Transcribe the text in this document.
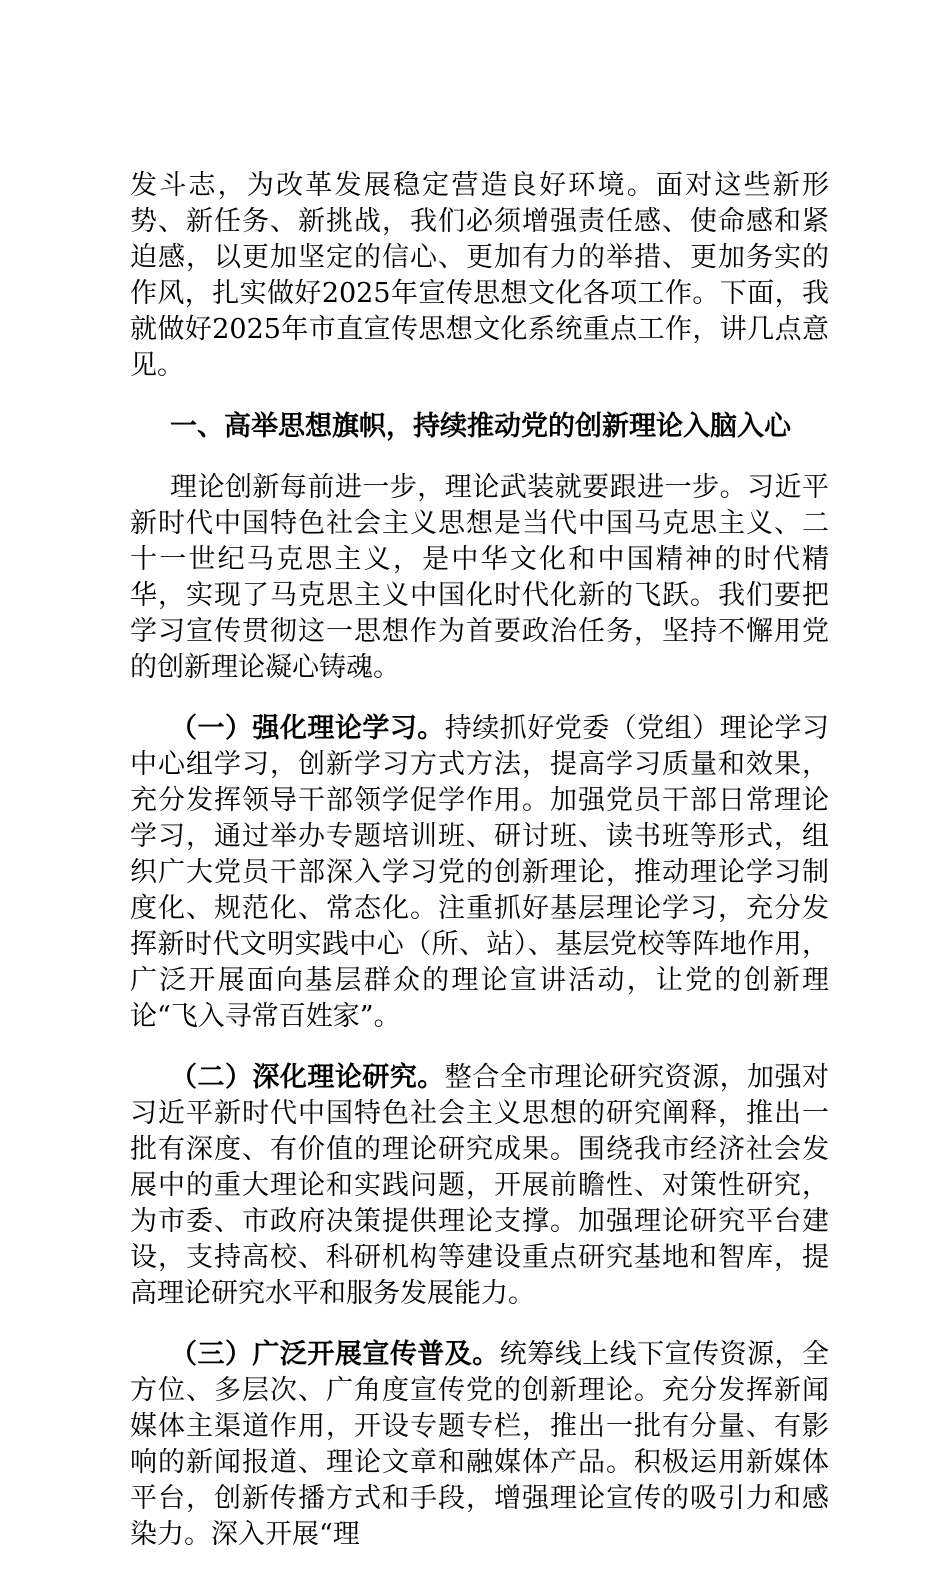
发斗志，为改革发展稳定营造良好环境。面对这些新形势、新任务、新挑战，我们必须增强责任感、使命感和紧迫感，以更加坚定的信心、更加有力的举措、更加务实的作风，扎实做好2025年宣传思想文化各项工作。下面，我就做好2025年市直宣传思想文化系统重点工作，讲几点意见。

一、高举思想旗帜，持续推动党的创新理论入脑入心

理论创新每前进一步，理论武装就要跟进一步。习近平新时代中国特色社会主义思想是当代中国马克思主义、二十一世纪马克思主义，是中华文化和中国精神的时代精华，实现了马克思主义中国化时代化新的飞跃。我们要把学习宣传贯彻这一思想作为首要政治任务，坚持不懈用党的创新理论凝心铸魂。

（一）强化理论学习。持续抓好党委（党组）理论学习中心组学习，创新学习方式方法，提高学习质量和效果，充分发挥领导干部领学促学作用。加强党员干部日常理论学习，通过举办专题培训班、研讨班、读书班等形式，组织广大党员干部深入学习党的创新理论，推动理论学习制度化、规范化、常态化。注重抓好基层理论学习，充分发挥新时代文明实践中心（所、站）、基层党校等阵地作用，广泛开展面向基层群众的理论宣讲活动，让党的创新理论“飞入寻常百姓家”。

（二）深化理论研究。整合全市理论研究资源，加强对习近平新时代中国特色社会主义思想的研究阐释，推出一批有深度、有价值的理论研究成果。围绕我市经济社会发展中的重大理论和实践问题，开展前瞻性、对策性研究，为市委、市政府决策提供理论支撑。加强理论研究平台建设，支持高校、科研机构等建设重点研究基地和智库，提高理论研究水平和服务发展能力。

（三）广泛开展宣传普及。统筹线上线下宣传资源，全方位、多层次、广角度宣传党的创新理论。充分发挥新闻媒体主渠道作用，开设专题专栏，推出一批有分量、有影响的新闻报道、理论文章和融媒体产品。积极运用新媒体平台，创新传播方式和手段，增强理论宣传的吸引力和感染力。深入开展“理
